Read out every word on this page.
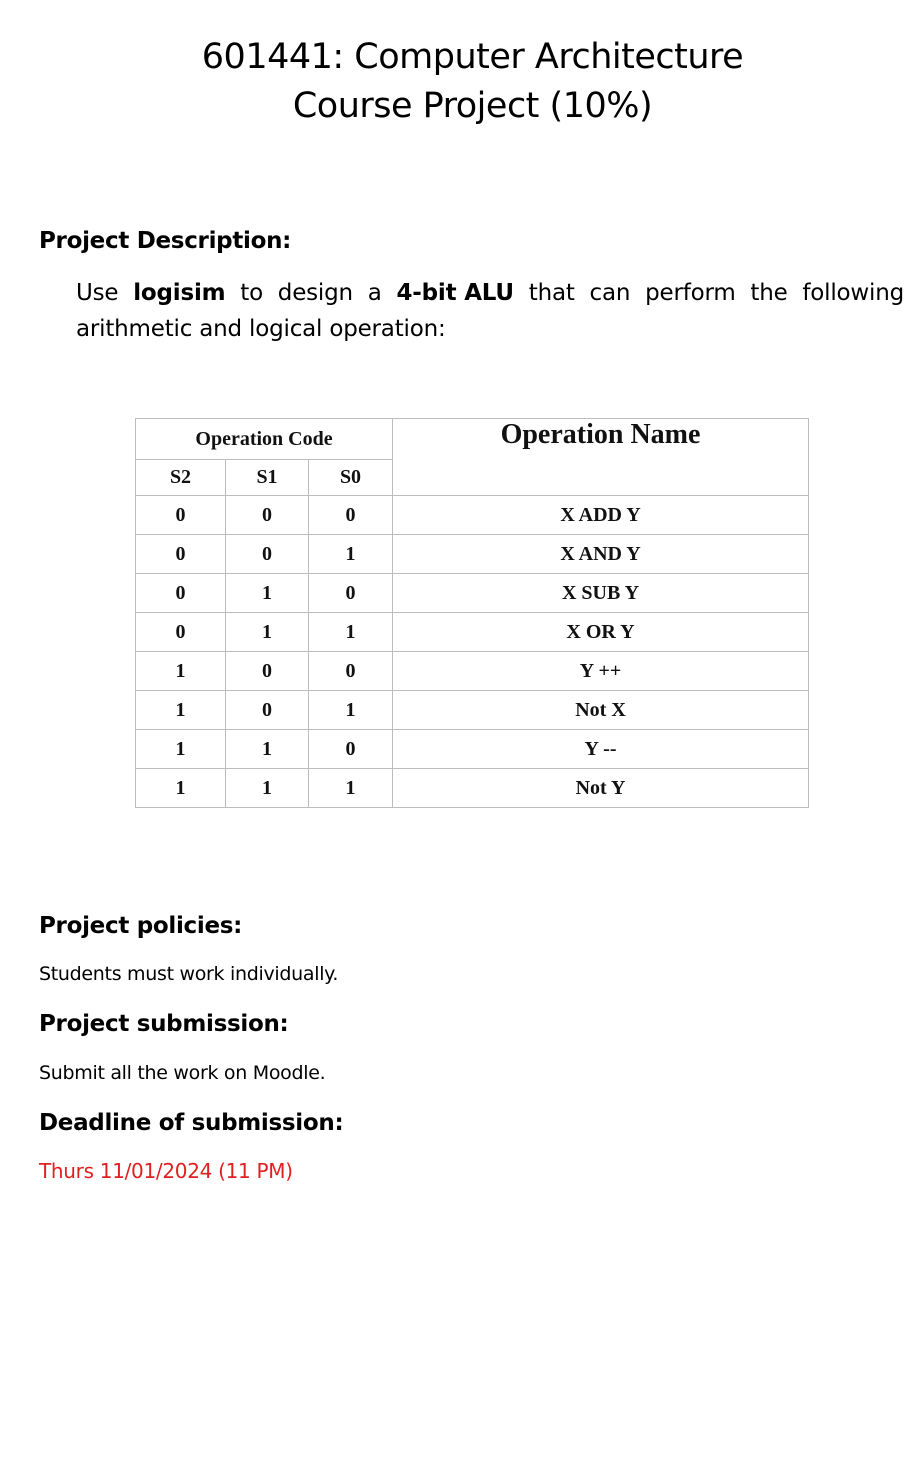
601441: Computer Architecture
Course Project (10%)
Project Description:
Use logisim to design a 4-bit ALU that can perform the following
arithmetic and logical operation:
Operation Code			Operation Name
S2	S1	S0	
0	0	0	X ADD Y
0	0	1	X AND Y
0	1	0	X SUB Y
0	1	1	X OR Y
1	0	0	Y ++
1	0	1	Not X
1	1	0	Y --
1	1	1	Not Y
Project policies:
Students must work individually.
Project submission:
Submit all the work on Moodle.
Deadline of submission:
Thurs 11/01/2024 (11 PM)
